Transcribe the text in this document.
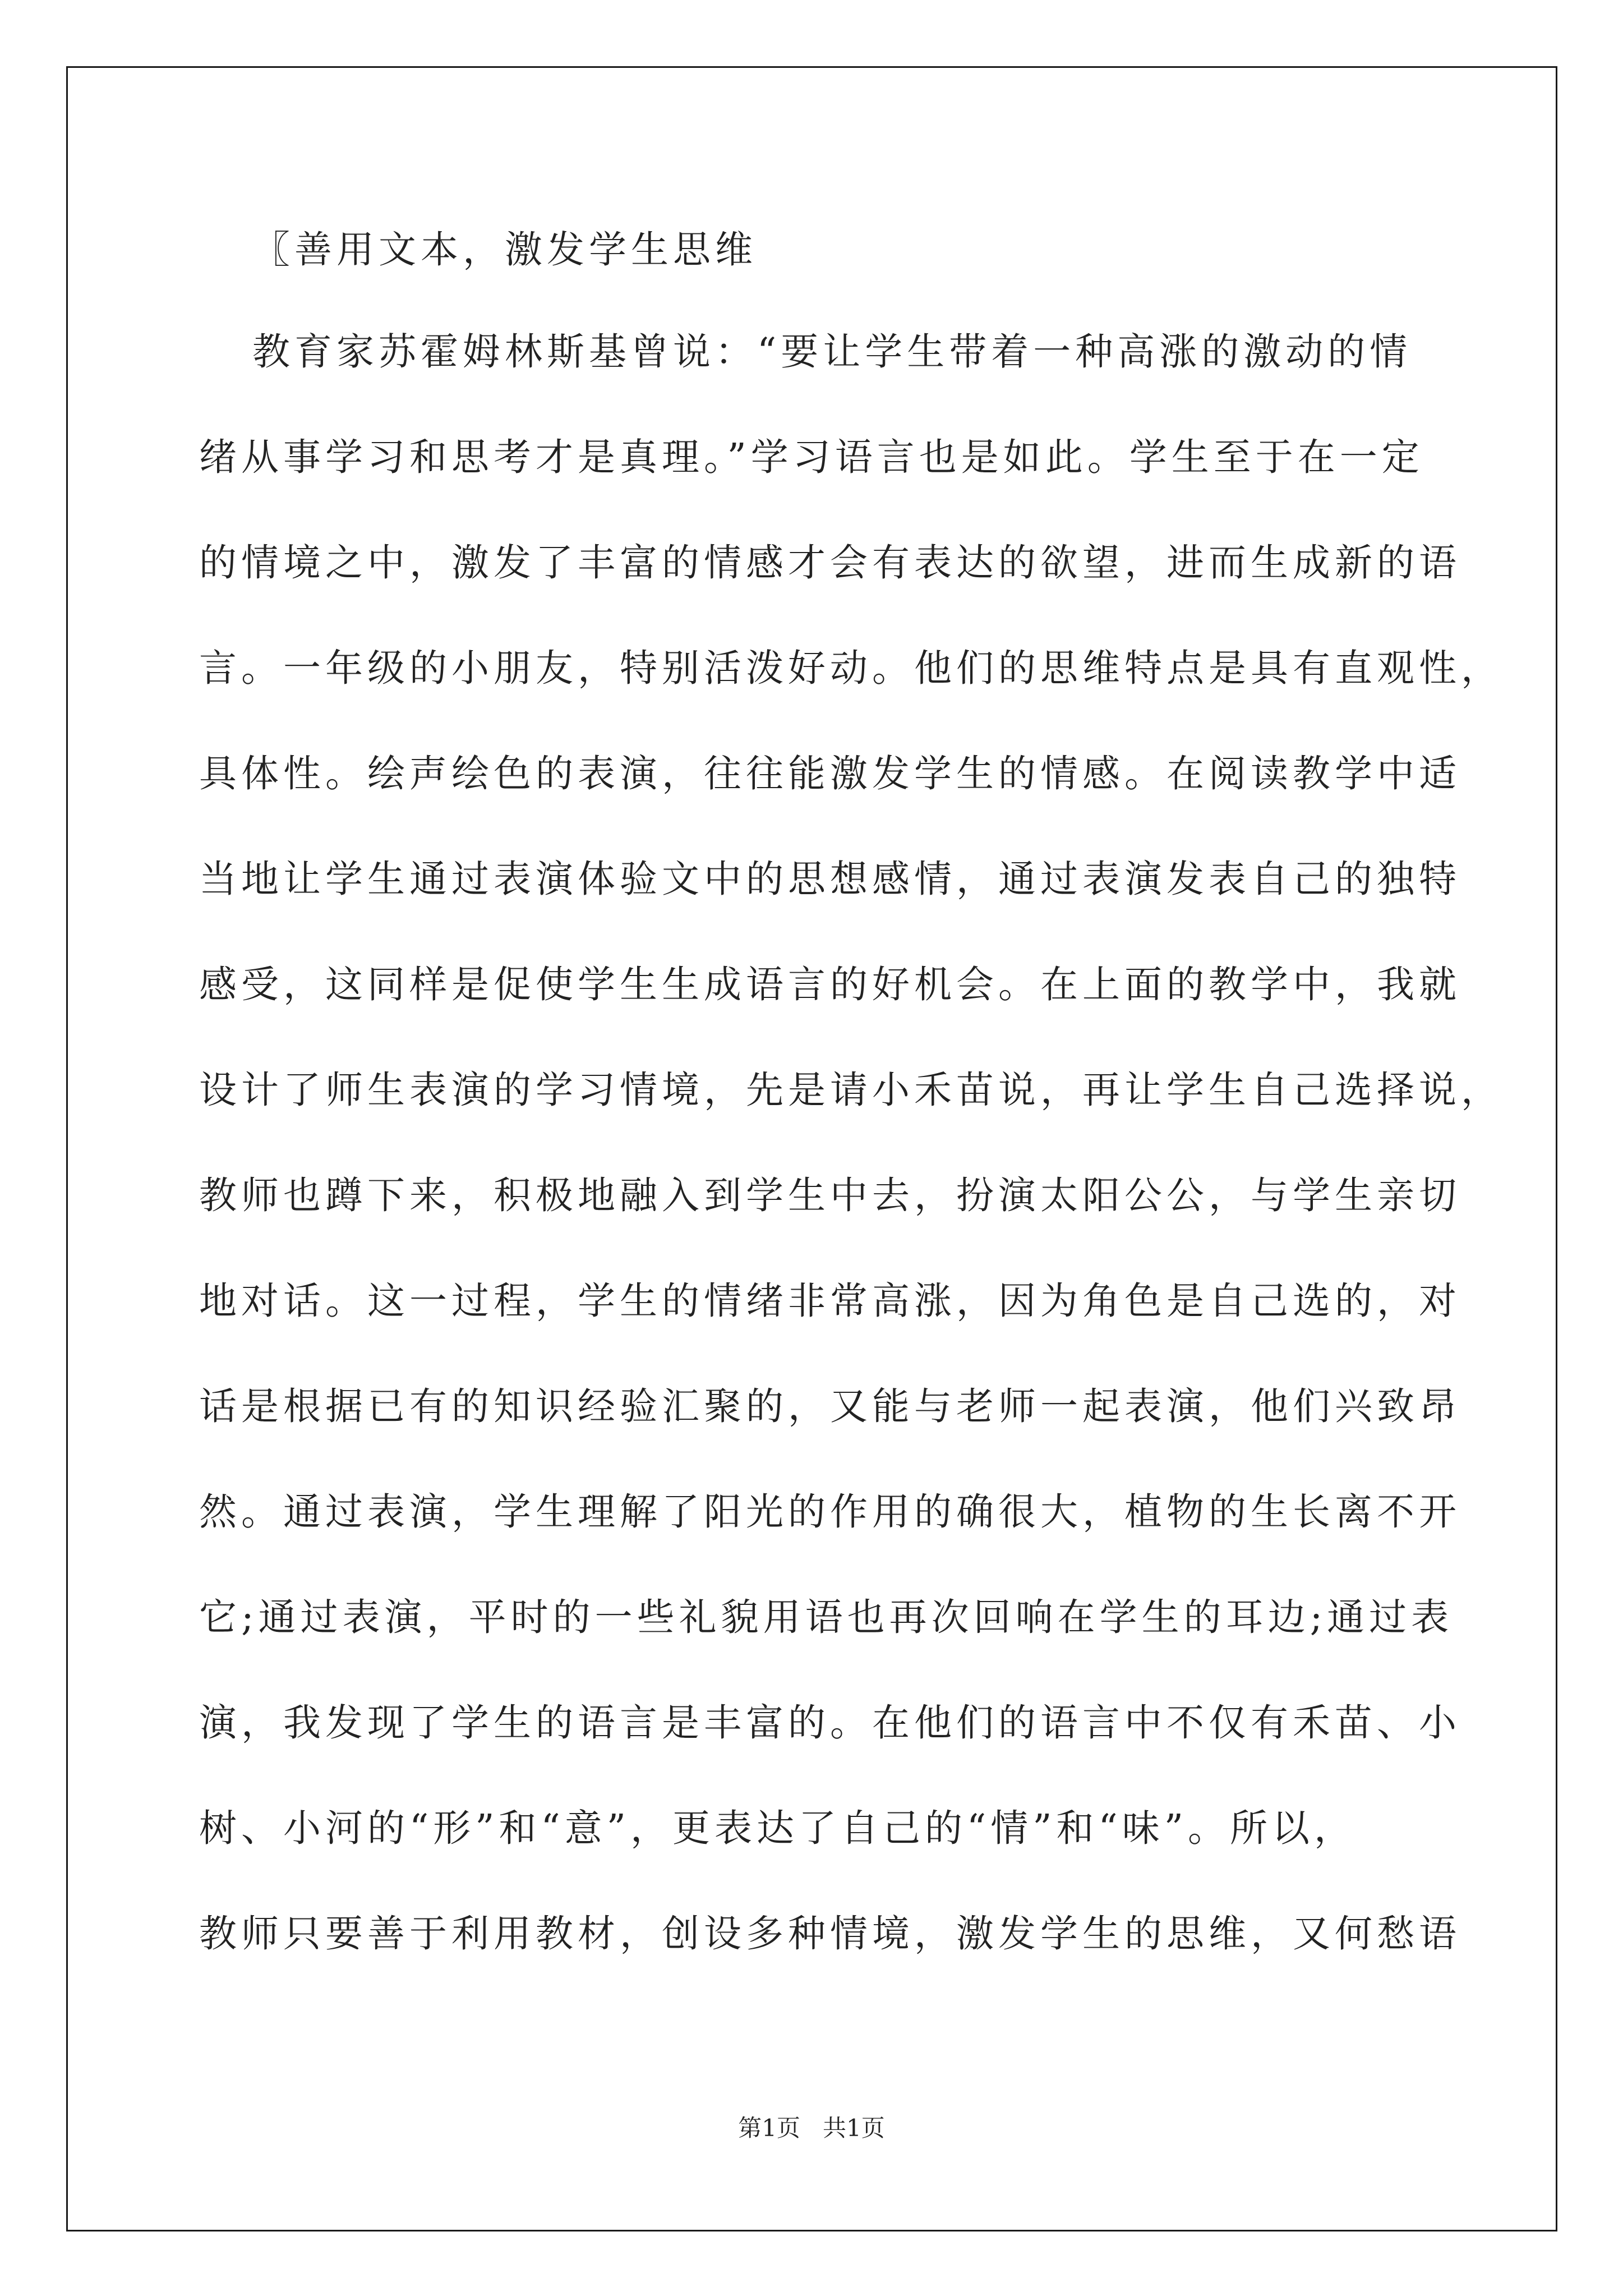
〖善用文本，激发学生思维
教育家苏霍姆林斯基曾说：“要让学生带着一种高涨的激动的情
绪从事学习和思考才是真理。”学习语言也是如此。学生至于在一定
的情境之中，激发了丰富的情感才会有表达的欲望，进而生成新的语
言。一年级的小朋友，特别活泼好动。他们的思维特点是具有直观性，
具体性。绘声绘色的表演，往往能激发学生的情感。在阅读教学中适
当地让学生通过表演体验文中的思想感情，通过表演发表自己的独特
感受，这同样是促使学生生成语言的好机会。在上面的教学中，我就
设计了师生表演的学习情境，先是请小禾苗说，再让学生自己选择说，
教师也蹲下来，积极地融入到学生中去，扮演太阳公公，与学生亲切
地对话。这一过程，学生的情绪非常高涨，因为角色是自己选的，对
话是根据已有的知识经验汇聚的，又能与老师一起表演，他们兴致昂
然。通过表演，学生理解了阳光的作用的确很大，植物的生长离不开
它;通过表演，平时的一些礼貌用语也再次回响在学生的耳边;通过表
演，我发现了学生的语言是丰富的。在他们的语言中不仅有禾苗、小
树、小河的“形”和“意”，更表达了自己的“情”和“味”。所以，
教师只要善于利用教材，创设多种情境，激发学生的思维，又何愁语
第1页   共1页
